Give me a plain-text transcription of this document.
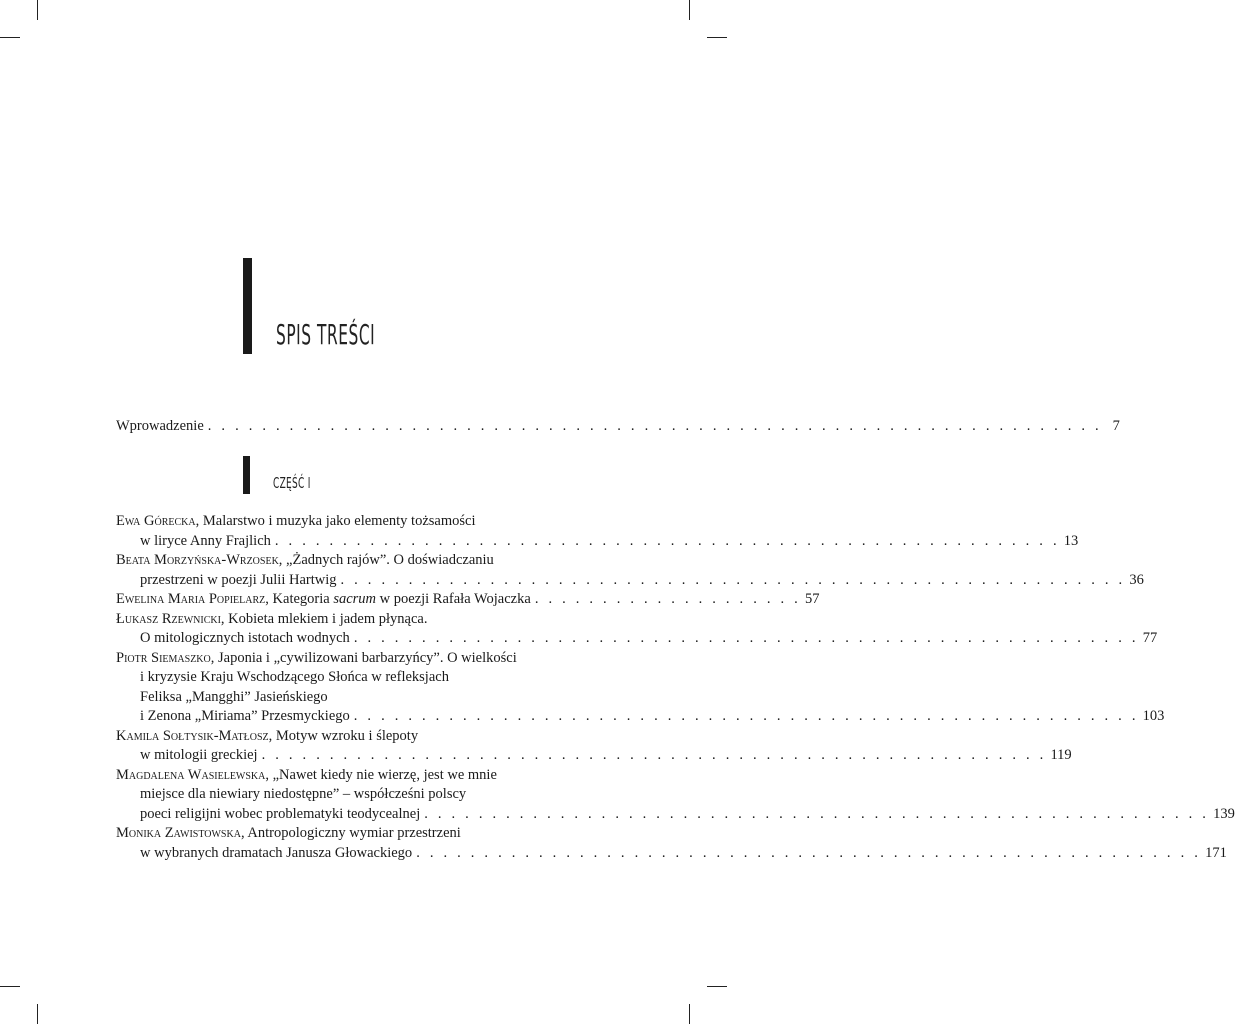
SPIS TREŚCI
Wprowadzenie . . . . . . . . . . . . . . . . . . . . . . . . . . . . . . . . . . . . . . . . . . . . . . . . . . . . . . . . . . . . . . . . . . 7
CZĘŚĆ I
Ewa Górecka, Malarstwo i muzyka jako elementy tożsamości
w liryce Anny Frajlich . . . . . . . . . . . . . . . . . . . . . . . . . . . . . . . . . . . . . . . . . . . . . . . . . . . . . . . . . . 13
Beata Morzyńska-Wrzosek, „Żadnych rajów”. O doświadczaniu
przestrzeni w poezji Julii Hartwig . . . . . . . . . . . . . . . . . . . . . . . . . . . . . . . . . . . . . . . . . . . . . . . . . . . . . . . . . . 36
Ewelina Maria Popielarz, Kategoria sacrum w poezji Rafała Wojaczka . . . . . . . . . . . . . . . . . . . . 57
Łukasz Rzewnicki, Kobieta mlekiem i jadem płynąca.
O mitologicznych istotach wodnych . . . . . . . . . . . . . . . . . . . . . . . . . . . . . . . . . . . . . . . . . . . . . . . . . . . . . . . . . . 77
Piotr Siemaszko, Japonia i „cywilizowani barbarzyńcy”. O wielkości
i kryzysie Kraju Wschodzącego Słońca w refleksjach
Feliksa „Mangghi” Jasieńskiego
i Zenona „Miriama” Przesmyckiego . . . . . . . . . . . . . . . . . . . . . . . . . . . . . . . . . . . . . . . . . . . . . . . . . . . . . . . . . . 103
Kamila Sołtysik-Matłosz, Motyw wzroku i ślepoty
w mitologii greckiej . . . . . . . . . . . . . . . . . . . . . . . . . . . . . . . . . . . . . . . . . . . . . . . . . . . . . . . . . . 119
Magdalena Wasielewska, „Nawet kiedy nie wierzę, jest we mnie
miejsce dla niewiary niedostępne” – współcześni polscy
poeci religijni wobec problematyki teodycealnej . . . . . . . . . . . . . . . . . . . . . . . . . . . . . . . . . . . . . . . . . . . . . . . . . . . . . . . . . . 139
Monika Zawistowska, Antropologiczny wymiar przestrzeni
w wybranych dramatach Janusza Głowackiego . . . . . . . . . . . . . . . . . . . . . . . . . . . . . . . . . . . . . . . . . . . . . . . . . . . . . . . . . . 171
